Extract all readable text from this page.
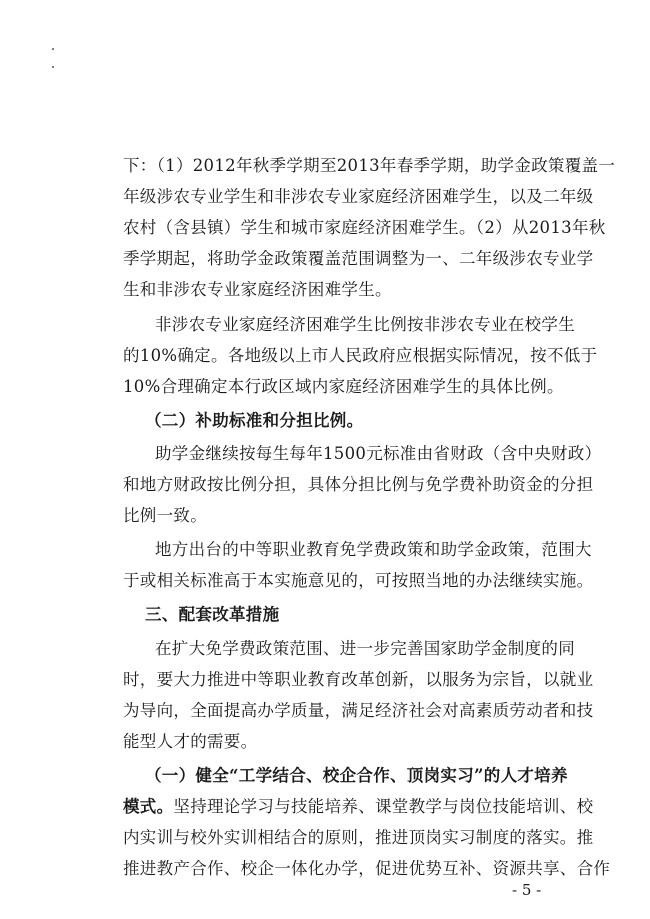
下：（1）2012年秋季学期至2013年春季学期，助学金政策覆盖一
年级涉农专业学生和非涉农专业家庭经济困难学生，以及二年级
农村（含县镇）学生和城市家庭经济困难学生。（2）从2013年秋
季学期起，将助学金政策覆盖范围调整为一、二年级涉农专业学
生和非涉农专业家庭经济困难学生。
非涉农专业家庭经济困难学生比例按非涉农专业在校学生
的10%确定。各地级以上市人民政府应根据实际情况，按不低于
10%合理确定本行政区域内家庭经济困难学生的具体比例。
（二）补助标准和分担比例。
助学金继续按每生每年1500元标准由省财政（含中央财政）
和地方财政按比例分担，具体分担比例与免学费补助资金的分担
比例一致。
地方出台的中等职业教育免学费政策和助学金政策，范围大
于或相关标准高于本实施意见的，可按照当地的办法继续实施。
三、配套改革措施
在扩大免学费政策范围、进一步完善国家助学金制度的同
时，要大力推进中等职业教育改革创新，以服务为宗旨，以就业
为导向，全面提高办学质量，满足经济社会对高素质劳动者和技
能型人才的需要。
（一）健全“工学结合、校企合作、顶岗实习”的人才培养
模式。坚持理论学习与技能培养、课堂教学与岗位技能培训、校
内实训与校外实训相结合的原则，推进顶岗实习制度的落实。推
推进教产合作、校企一体化办学，促进优势互补、资源共享、合作
- 5 -
